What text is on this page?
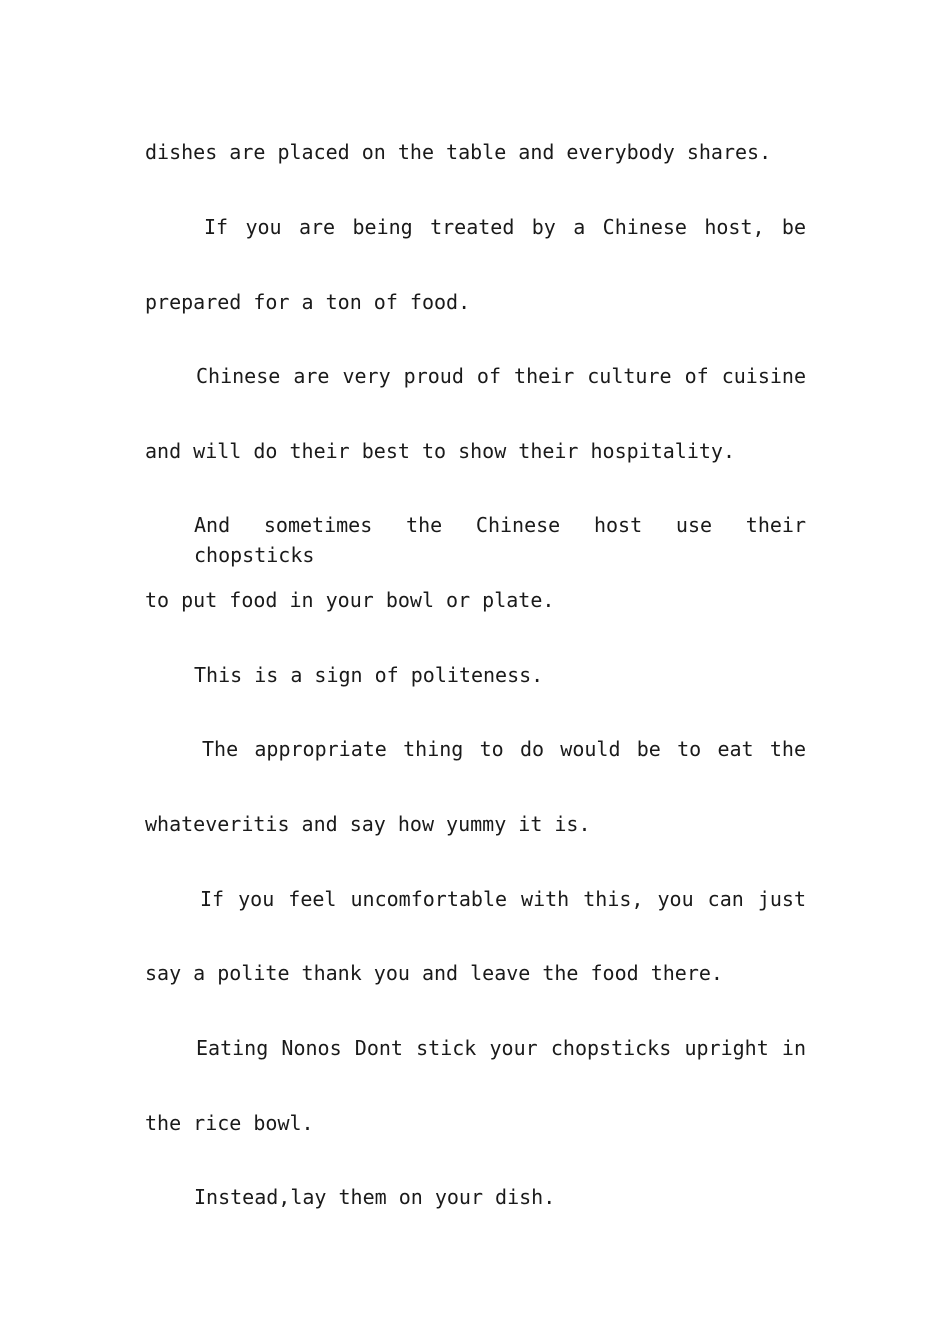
dishes are placed on the table and everybody shares.
If you are being treated by a Chinese host, be
prepared for a ton of food.
Chinese are very proud of their culture of cuisine
and will do their best to show their hospitality.
And sometimes the Chinese host use their chopsticks
to put food in your bowl or plate.
This is a sign of politeness.
The appropriate thing to do would be to eat the
whateveritis and say how yummy it is.
If you feel uncomfortable with this, you can just
say a polite thank you and leave the food there.
Eating Nonos Dont stick your chopsticks upright in
the rice bowl.
Instead,lay them on your dish.
